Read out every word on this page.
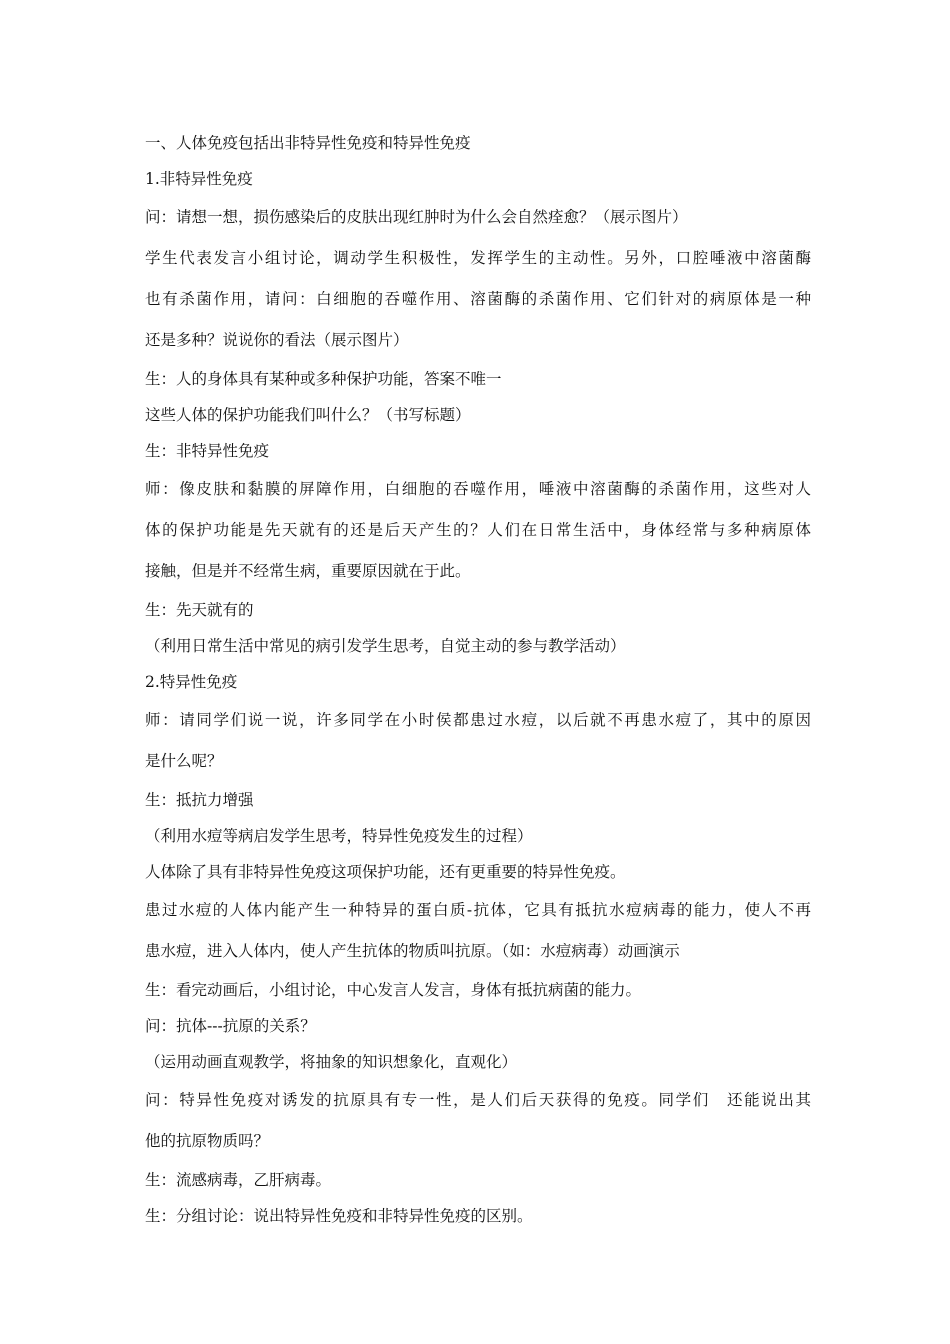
一、人体免疫包括出非特异性免疫和特异性免疫
1.非特异性免疫
问：请想一想，损伤感染后的皮肤出现红肿时为什么会自然痊愈？（展示图片）
学生代表发言小组讨论，调动学生积极性，发挥学生的主动性。另外，口腔唾液中溶菌酶
也有杀菌作用，请问：白细胞的吞噬作用、溶菌酶的杀菌作用、它们针对的病原体是一种
还是多种？说说你的看法（展示图片）
生：人的身体具有某种或多种保护功能，答案不唯一
这些人体的保护功能我们叫什么？（书写标题）
生：非特异性免疫
师：像皮肤和黏膜的屏障作用，白细胞的吞噬作用，唾液中溶菌酶的杀菌作用，这些对人
体的保护功能是先天就有的还是后天产生的？人们在日常生活中，身体经常与多种病原体
接触，但是并不经常生病，重要原因就在于此。
生：先天就有的
（利用日常生活中常见的病引发学生思考，自觉主动的参与教学活动）
2.特异性免疫
师：请同学们说一说，许多同学在小时侯都患过水痘，以后就不再患水痘了，其中的原因
是什么呢？
生：抵抗力增强
（利用水痘等病启发学生思考，特异性免疫发生的过程）
人体除了具有非特异性免疫这项保护功能，还有更重要的特异性免疫。
患过水痘的人体内能产生一种特异的蛋白质-抗体，它具有抵抗水痘病毒的能力，使人不再
患水痘，进入人体内，使人产生抗体的物质叫抗原。（如：水痘病毒）动画演示
生：看完动画后，小组讨论，中心发言人发言，身体有抵抗病菌的能力。
问：抗体---抗原的关系？
（运用动画直观教学，将抽象的知识想象化，直观化）
问：特异性免疫对诱发的抗原具有专一性，是人们后天获得的免疫。同学们　还能说出其
他的抗原物质吗？
生：流感病毒，乙肝病毒。
生：分组讨论：说出特异性免疫和非特异性免疫的区别。
